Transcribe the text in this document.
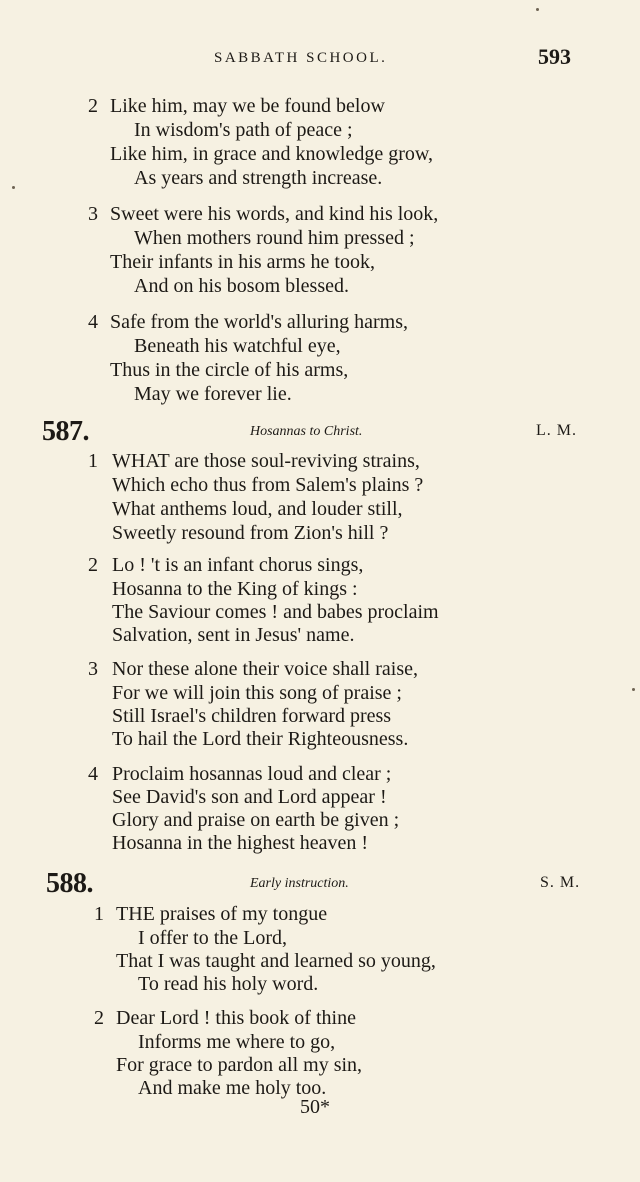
SABBATH SCHOOL.	593
2 Like him, may we be found below
In wisdom's path of peace ;
Like him, in grace and knowledge grow,
As years and strength increase.
3 Sweet were his words, and kind his look,
When mothers round him pressed ;
Their infants in his arms he took,
And on his bosom blessed.
4 Safe from the world's alluring harms,
Beneath his watchful eye,
Thus in the circle of his arms,
May we forever lie.
587.	Hosannas to Christ.	L. M.
1 WHAT are those soul-reviving strains,
Which echo thus from Salem's plains ?
What anthems loud, and louder still,
Sweetly resound from Zion's hill ?
2 Lo ! 't is an infant chorus sings,
Hosanna to the King of kings :
The Saviour comes ! and babes proclaim
Salvation, sent in Jesus' name.
3 Nor these alone their voice shall raise,
For we will join this song of praise ;
Still Israel's children forward press
To hail the Lord their Righteousness.
4 Proclaim hosannas loud and clear ;
See David's son and Lord appear !
Glory and praise on earth be given ;
Hosanna in the highest heaven !
588.	Early instruction.	S. M.
1 THE praises of my tongue
I offer to the Lord,
That I was taught and learned so young,
To read his holy word.
2 Dear Lord ! this book of thine
Informs me where to go,
For grace to pardon all my sin,
And make me holy too.
50*
